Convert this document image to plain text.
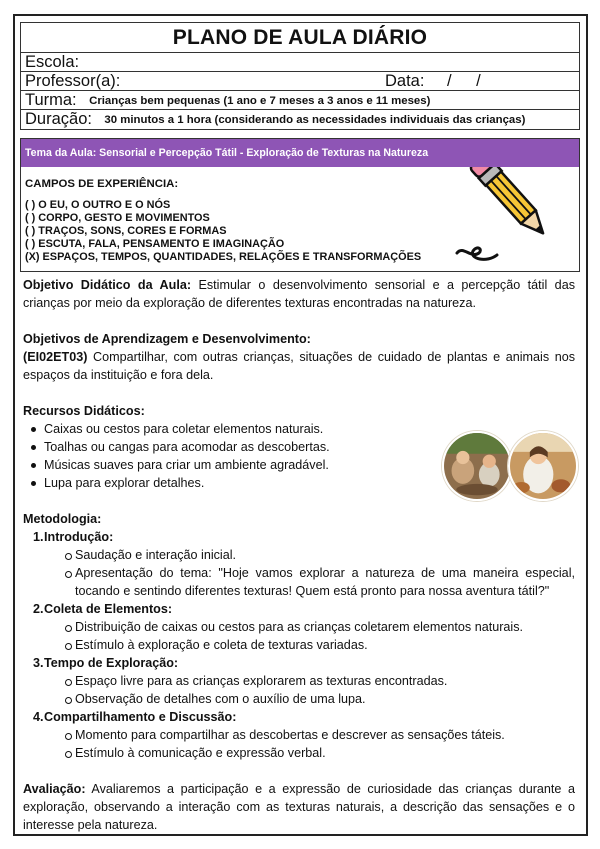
PLANO DE AULA DIÁRIO
Escola:
Professor(a):	Data: / /
Turma: Crianças bem pequenas (1 ano e 7 meses a 3 anos e 11 meses)
Duração: 30 minutos a 1 hora (considerando as necessidades individuais das crianças)
Tema da Aula: Sensorial e Percepção Tátil - Exploração de Texturas na Natureza
CAMPOS DE EXPERIÊNCIA:
( ) O EU, O OUTRO E O NÓS
( ) CORPO, GESTO E MOVIMENTOS
( ) TRAÇOS, SONS, CORES E FORMAS
( ) ESCUTA, FALA, PENSAMENTO E IMAGINAÇÃO
(X) ESPAÇOS, TEMPOS, QUANTIDADES, RELAÇÕES E TRANSFORMAÇÕES

Objetivo Didático da Aula: Estimular o desenvolvimento sensorial e a percepção tátil das crianças por meio da exploração de diferentes texturas encontradas na natureza.

Objetivos de Aprendizagem e Desenvolvimento:

(EI02ET03) Compartilhar, com outras crianças, situações de cuidado de plantas e animais nos espaços da instituição e fora dela.

Recursos Didáticos:

Caixas ou cestos para coletar elementos naturais.
Toalhas ou cangas para acomodar as descobertas.
Músicas suaves para criar um ambiente agradável.
Lupa para explorar detalhes.

Metodologia:

1.Introdução:
Saudação e interação inicial.
Apresentação do tema: "Hoje vamos explorar a natureza de uma maneira especial, tocando e sentindo diferentes texturas! Quem está pronto para nossa aventura tátil?"
2.Coleta de Elementos:
Distribuição de caixas ou cestos para as crianças coletarem elementos naturais.
Estímulo à exploração e coleta de texturas variadas.
3.Tempo de Exploração:
Espaço livre para as crianças explorarem as texturas encontradas.
Observação de detalhes com o auxílio de uma lupa.
4.Compartilhamento e Discussão:
Momento para compartilhar as descobertas e descrever as sensações táteis.
Estímulo à comunicação e expressão verbal.

Avaliação: Avaliaremos a participação e a expressão de curiosidade das crianças durante a exploração, observando a interação com as texturas naturais, a descrição das sensações e o interesse pela natureza.
